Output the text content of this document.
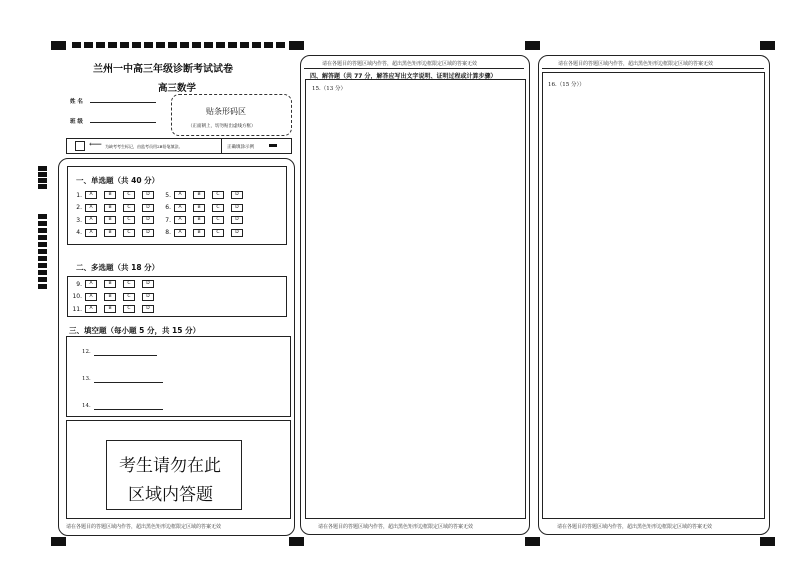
兰州一中高三年级诊断考试试卷
高三数学
姓 名
班 级
贴条形码区
（正面朝上，切勿贴出虚线方框）
⟵ 为缺考考生标记，由监考员用2B铅笔填涂。	正确填涂示例
一、单选题（共 40 分）
1.	A	B	C	D
2.	A	B	C	D
3.	A	B	C	D
4.	A	B	C	D
5.	A	B	C	D
6.	A	B	C	D
7.	A	B	C	D
8.	A	B	C	D
二、多选题（共 18 分）
9.	A	B	C	D
10.	A	B	C	D
11.	A	B	C	D
三、填空题（每小题 5 分，共 15 分）
12.
13.
14.
考生请勿在此
区域内答题
请在各题目的答题区域内作答，超出黑色矩形边框限定区域的答案无效
请在各题目的答题区域内作答，超出黑色矩形边框限定区域的答案无效
四、解答题（共 77 分，解答应写出文字说明、证明过程或计算步骤）
15.（13 分）
请在各题目的答题区域内作答，超出黑色矩形边框限定区域的答案无效
请在各题目的答题区域内作答，超出黑色矩形边框限定区域的答案无效
16.（15 分））
请在各题目的答题区域内作答，超出黑色矩形边框限定区域的答案无效
